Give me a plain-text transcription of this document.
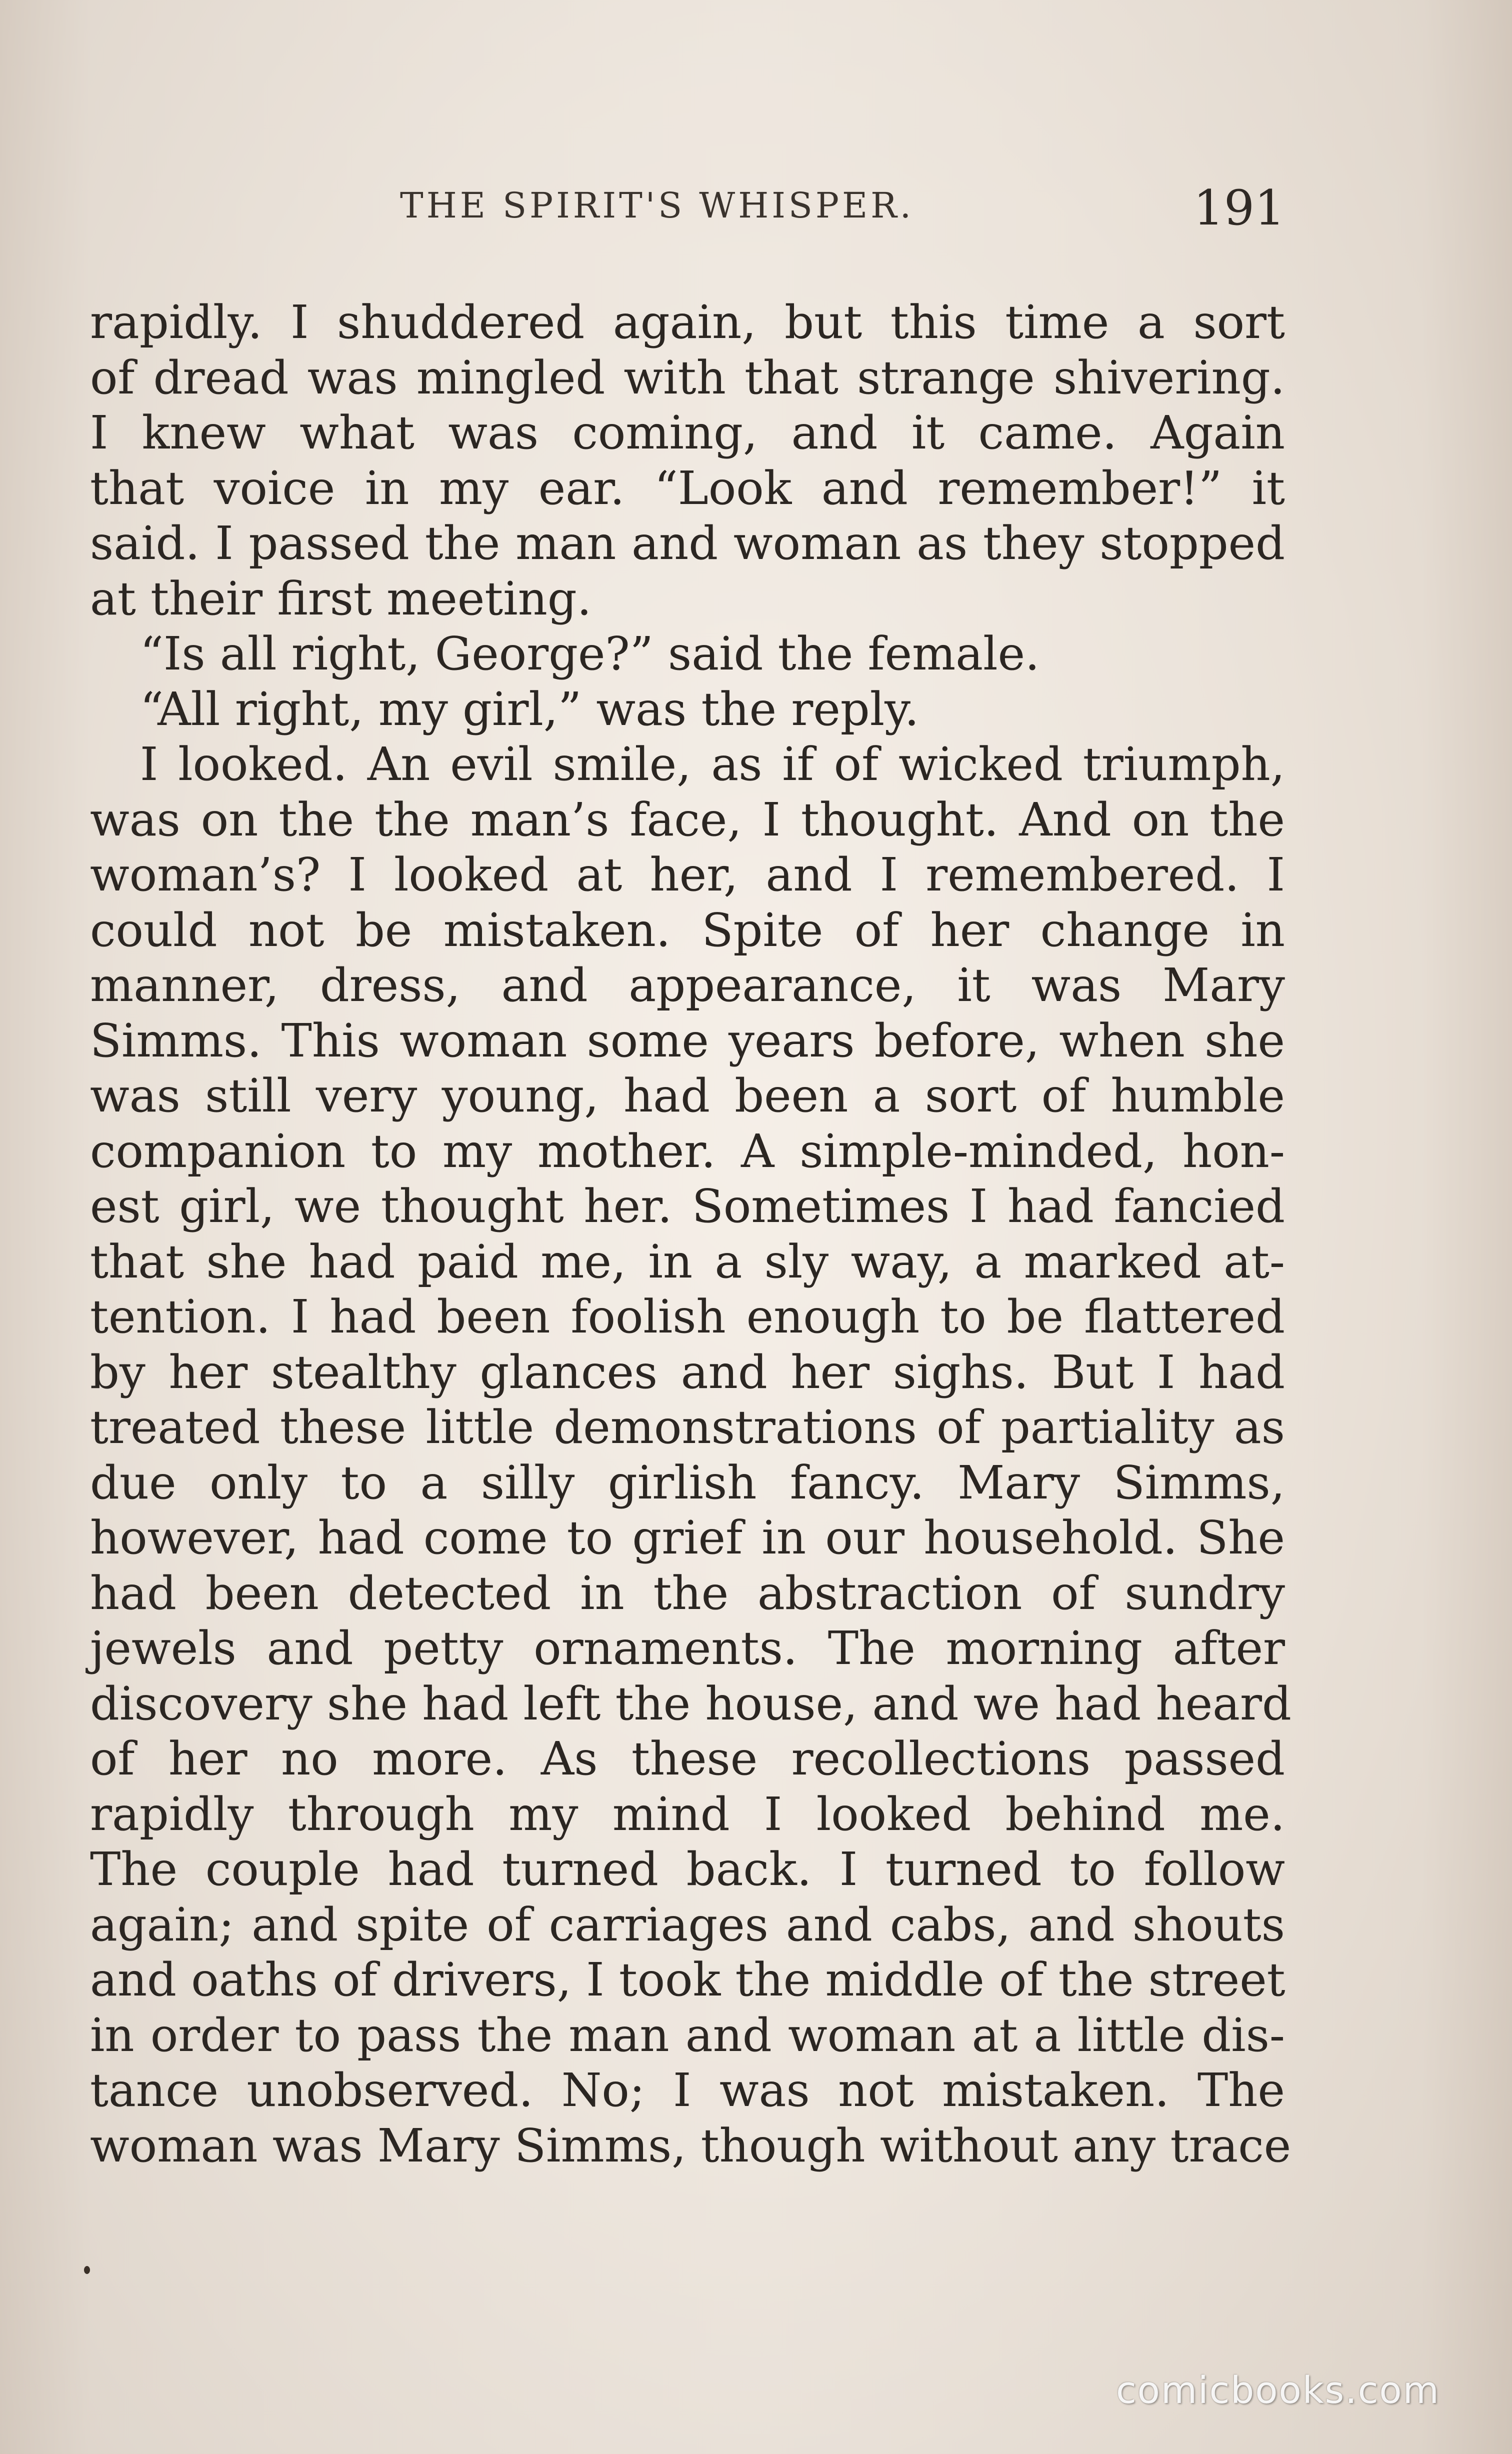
THE SPIRIT'S WHISPER.	191
rapidly. I shuddered again, but this time a sort
of dread was mingled with that strange shivering.
I knew what was coming, and it came. Again
that voice in my ear. “Look and remember!” it
said. I passed the man and woman as they stopped
at their first meeting.
“Is all right, George?” said the female.
“All right, my girl,” was the reply.
I looked. An evil smile, as if of wicked triumph,
was on the the man’s face, I thought. And on the
woman’s? I looked at her, and I remembered. I
could not be mistaken. Spite of her change in
manner, dress, and appearance, it was Mary
Simms. This woman some years before, when she
was still very young, had been a sort of humble
companion to my mother. A simple-minded, hon-
est girl, we thought her. Sometimes I had fancied
that she had paid me, in a sly way, a marked at-
tention. I had been foolish enough to be flattered
by her stealthy glances and her sighs. But I had
treated these little demonstrations of partiality as
due only to a silly girlish fancy. Mary Simms,
however, had come to grief in our household. She
had been detected in the abstraction of sundry
jewels and petty ornaments. The morning after
discovery she had left the house, and we had heard
of her no more. As these recollections passed
rapidly through my mind I looked behind me.
The couple had turned back. I turned to follow
again; and spite of carriages and cabs, and shouts
and oaths of drivers, I took the middle of the street
in order to pass the man and woman at a little dis-
tance unobserved. No; I was not mistaken. The
woman was Mary Simms, though without any trace
comicbooks.com
